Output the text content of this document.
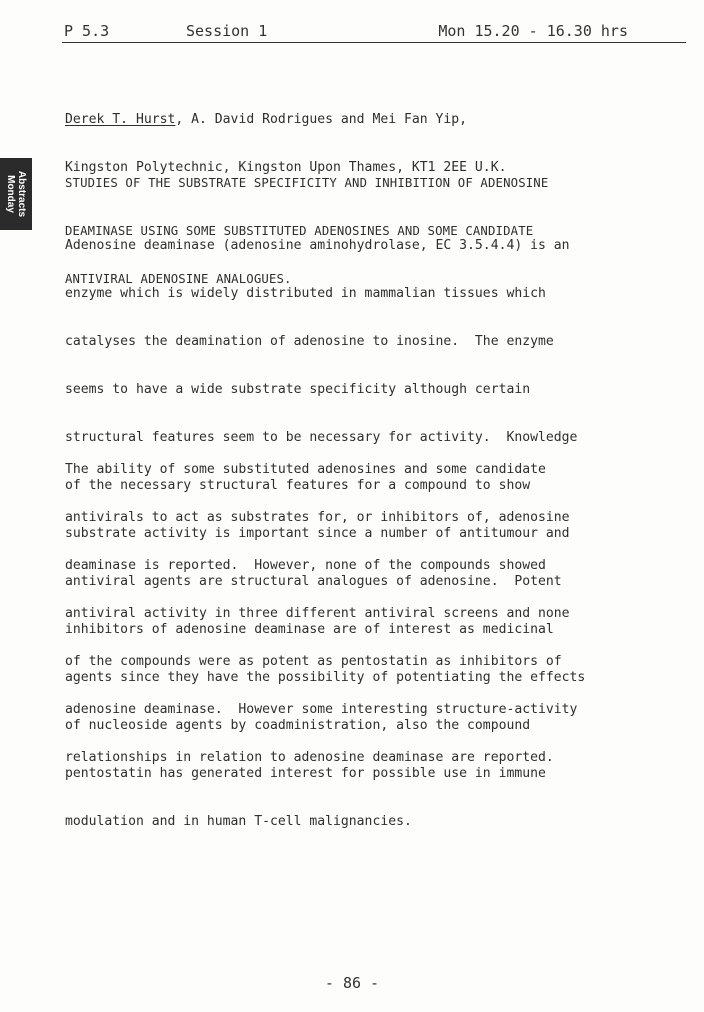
P 5.3	Session 1	Mon 15.20 - 16.30 hrs
Abstracts
Monday

Derek T. Hurst, A. David Rodrigues and Mei Fan Yip,

Kingston Polytechnic, Kingston Upon Thames, KT1 2EE U.K.

STUDIES OF THE SUBSTRATE SPECIFICITY AND INHIBITION OF ADENOSINE

DEAMINASE USING SOME SUBSTITUTED ADENOSINES AND SOME CANDIDATE

ANTIVIRAL ADENOSINE ANALOGUES.

Adenosine deaminase (adenosine aminohydrolase, EC 3.5.4.4) is an

enzyme which is widely distributed in mammalian tissues which

catalyses the deamination of adenosine to inosine.  The enzyme

seems to have a wide substrate specificity although certain

structural features seem to be necessary for activity.  Knowledge

of the necessary structural features for a compound to show

substrate activity is important since a number of antitumour and

antiviral agents are structural analogues of adenosine.  Potent

inhibitors of adenosine deaminase are of interest as medicinal

agents since they have the possibility of potentiating the effects

of nucleoside agents by coadministration, also the compound

pentostatin has generated interest for possible use in immune

modulation and in human T-cell malignancies.

The ability of some substituted adenosines and some candidate

antivirals to act as substrates for, or inhibitors of, adenosine

deaminase is reported.  However, none of the compounds showed

antiviral activity in three different antiviral screens and none

of the compounds were as potent as pentostatin as inhibitors of

adenosine deaminase.  However some interesting structure-activity

relationships in relation to adenosine deaminase are reported.

- 86 -
